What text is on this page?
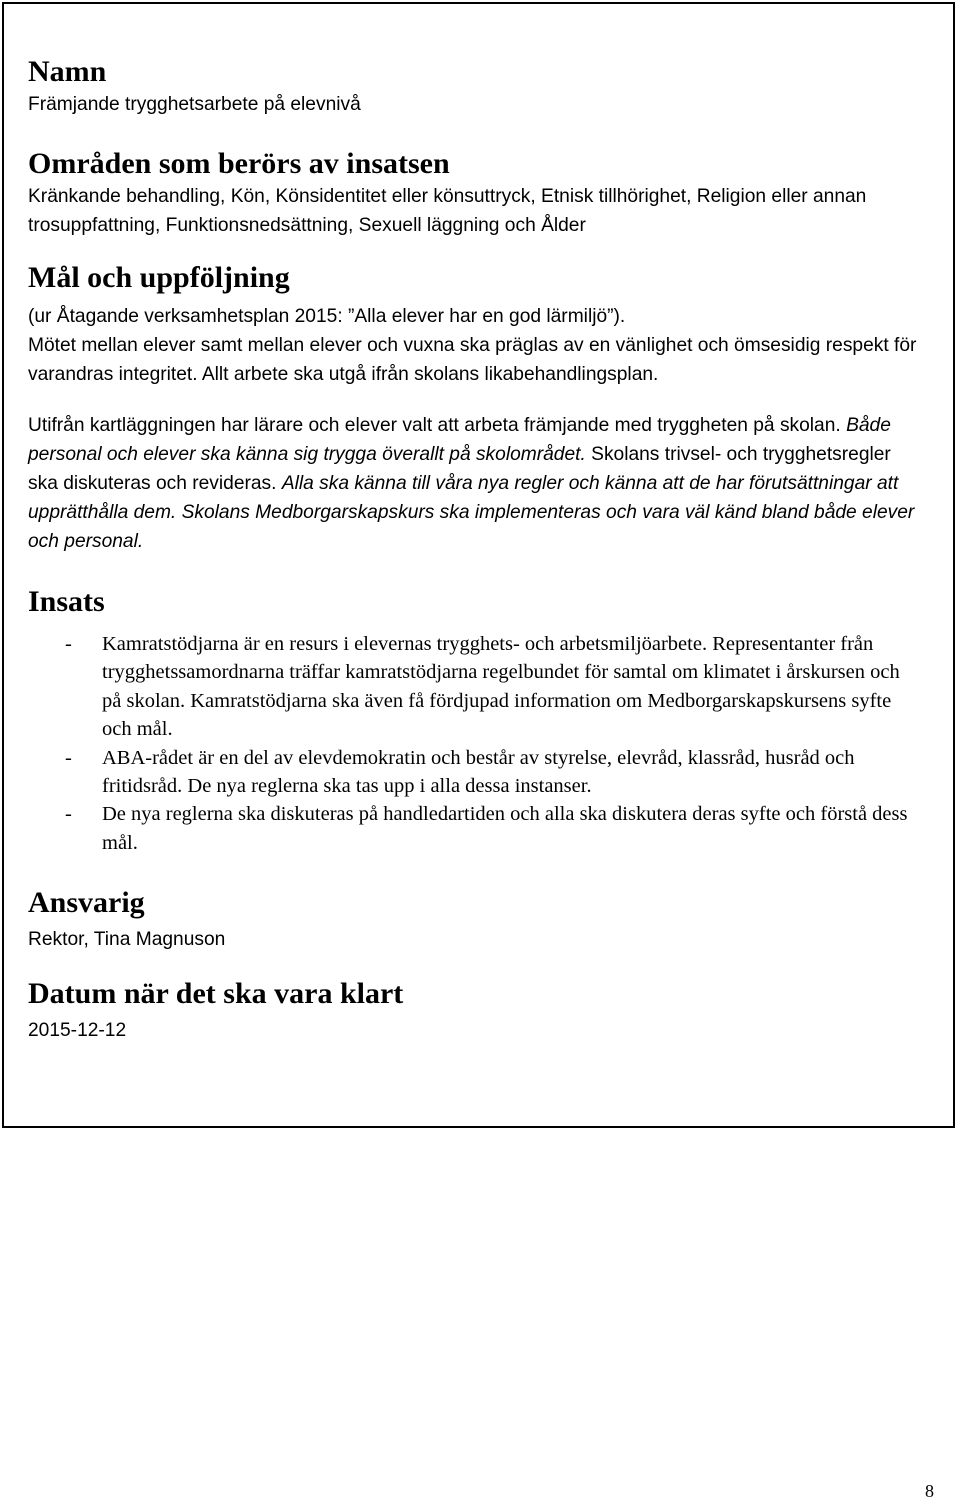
Namn

Främjande trygghetsarbete på elevnivå

Områden som berörs av insatsen

Kränkande behandling, Kön, Könsidentitet eller könsuttryck, Etnisk tillhörighet, Religion eller annan trosuppfattning, Funktionsnedsättning, Sexuell läggning och Ålder

Mål och uppföljning

(ur Åtagande verksamhetsplan 2015: ”Alla elever har en god lärmiljö”).

Mötet mellan elever samt mellan elever och vuxna ska präglas av en vänlighet och ömsesidig respekt för varandras integritet. Allt arbete ska utgå ifrån skolans likabehandlingsplan.

Utifrån kartläggningen har lärare och elever valt att arbeta främjande med tryggheten på skolan. Både personal och elever ska känna sig trygga överallt på skolområdet. Skolans trivsel- och trygghetsregler ska diskuteras och revideras. Alla ska känna till våra nya regler och känna att de har förutsättningar att upprätthålla dem. Skolans Medborgarskapskurs ska implementeras och vara väl känd bland både elever och personal.

Insats
- Kamratstödjarna är en resurs i elevernas trygghets- och arbetsmiljöarbete. Representanter från trygghetssamordnarna träffar kamratstödjarna regelbundet för samtal om klimatet i årskursen och på skolan. Kamratstödjarna ska även få fördjupad information om Medborgarskapskursens syfte och mål.
- ABA-rådet är en del av elevdemokratin och består av styrelse, elevråd, klassråd, husråd och fritidsråd. De nya reglerna ska tas upp i alla dessa instanser.
- De nya reglerna ska diskuteras på handledartiden och alla ska diskutera deras syfte och förstå dess mål.
Ansvarig

Rektor, Tina Magnuson

Datum när det ska vara klart

2015-12-12

8
